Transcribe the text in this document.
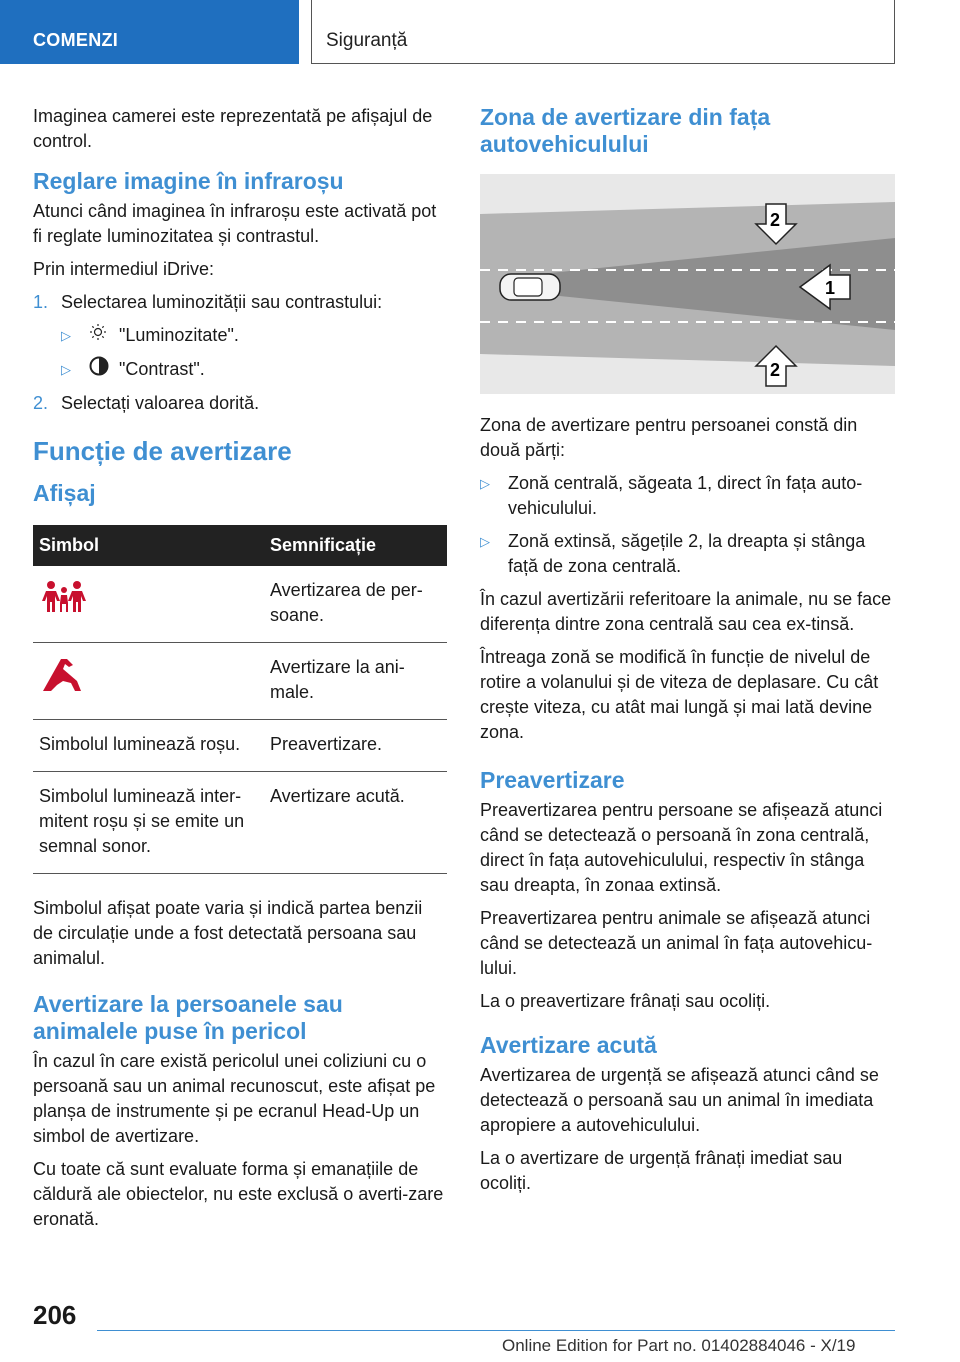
COMENZI	Siguranță

Imaginea camerei este reprezentată pe afișajul de control.

Reglare imagine în infraroșu

Atunci când imaginea în infraroșu este activată pot fi reglate luminozitatea și contrastul.

Prin intermediul iDrive:

1. Selectarea luminozității sau contrastului:
▷	"Luminozitate".
▷	"Contrast".
2. Selectați valoarea dorită.
Funcție de avertizare
Afișaj
Simbol	Semnificație
	Avertizarea de per-soane.
	Avertizare la ani-male.
Simbolul luminează roșu.	Preavertizare.
Simbolul luminează inter-mitent roșu și se emite un semnal sonor.	Avertizare acută.

Simbolul afișat poate varia și indică partea benzii de circulație unde a fost detectată persoana sau animalul.

Avertizare la persoanele sau animalele puse în pericol

În cazul în care există pericolul unei coliziuni cu o persoană sau un animal recunoscut, este afișat pe planșa de instrumente și pe ecranul Head-Up un simbol de avertizare.

Cu toate că sunt evaluate forma și emanațiile de căldură ale obiectelor, nu este exclusă o averti-zare eronată.

Zona de avertizare din fața autovehiculului
1
2
2

Zona de avertizare pentru persoanei constă din două părți:

▷	Zonă centrală, săgeata 1, direct în fața auto-vehiculului.
▷	Zonă extinsă, săgețile 2, la dreapta și stânga față de zona centrală.

În cazul avertizării referitoare la animale, nu se face diferența dintre zona centrală sau cea ex-tinsă.

Întreaga zonă se modifică în funcție de nivelul de rotire a volanului și de viteza de deplasare. Cu cât crește viteza, cu atât mai lungă și mai lată devine zona.

Preavertizare

Preavertizarea pentru persoane se afișează atunci când se detectează o persoană în zona centrală, direct în fața autovehiculului, respectiv în stânga sau dreapta, în zonaa extinsă.

Preavertizarea pentru animale se afișează atunci când se detectează un animal în fața autovehicu-lului.

La o preavertizare frânați sau ocoliți.

Avertizare acută

Avertizarea de urgență se afișează atunci când se detectează o persoană sau un animal în imediata apropiere a autovehiculului.

La o avertizare de urgență frânați imediat sau ocoliți.

206
Online Edition for Part no. 01402884046 - X/19
